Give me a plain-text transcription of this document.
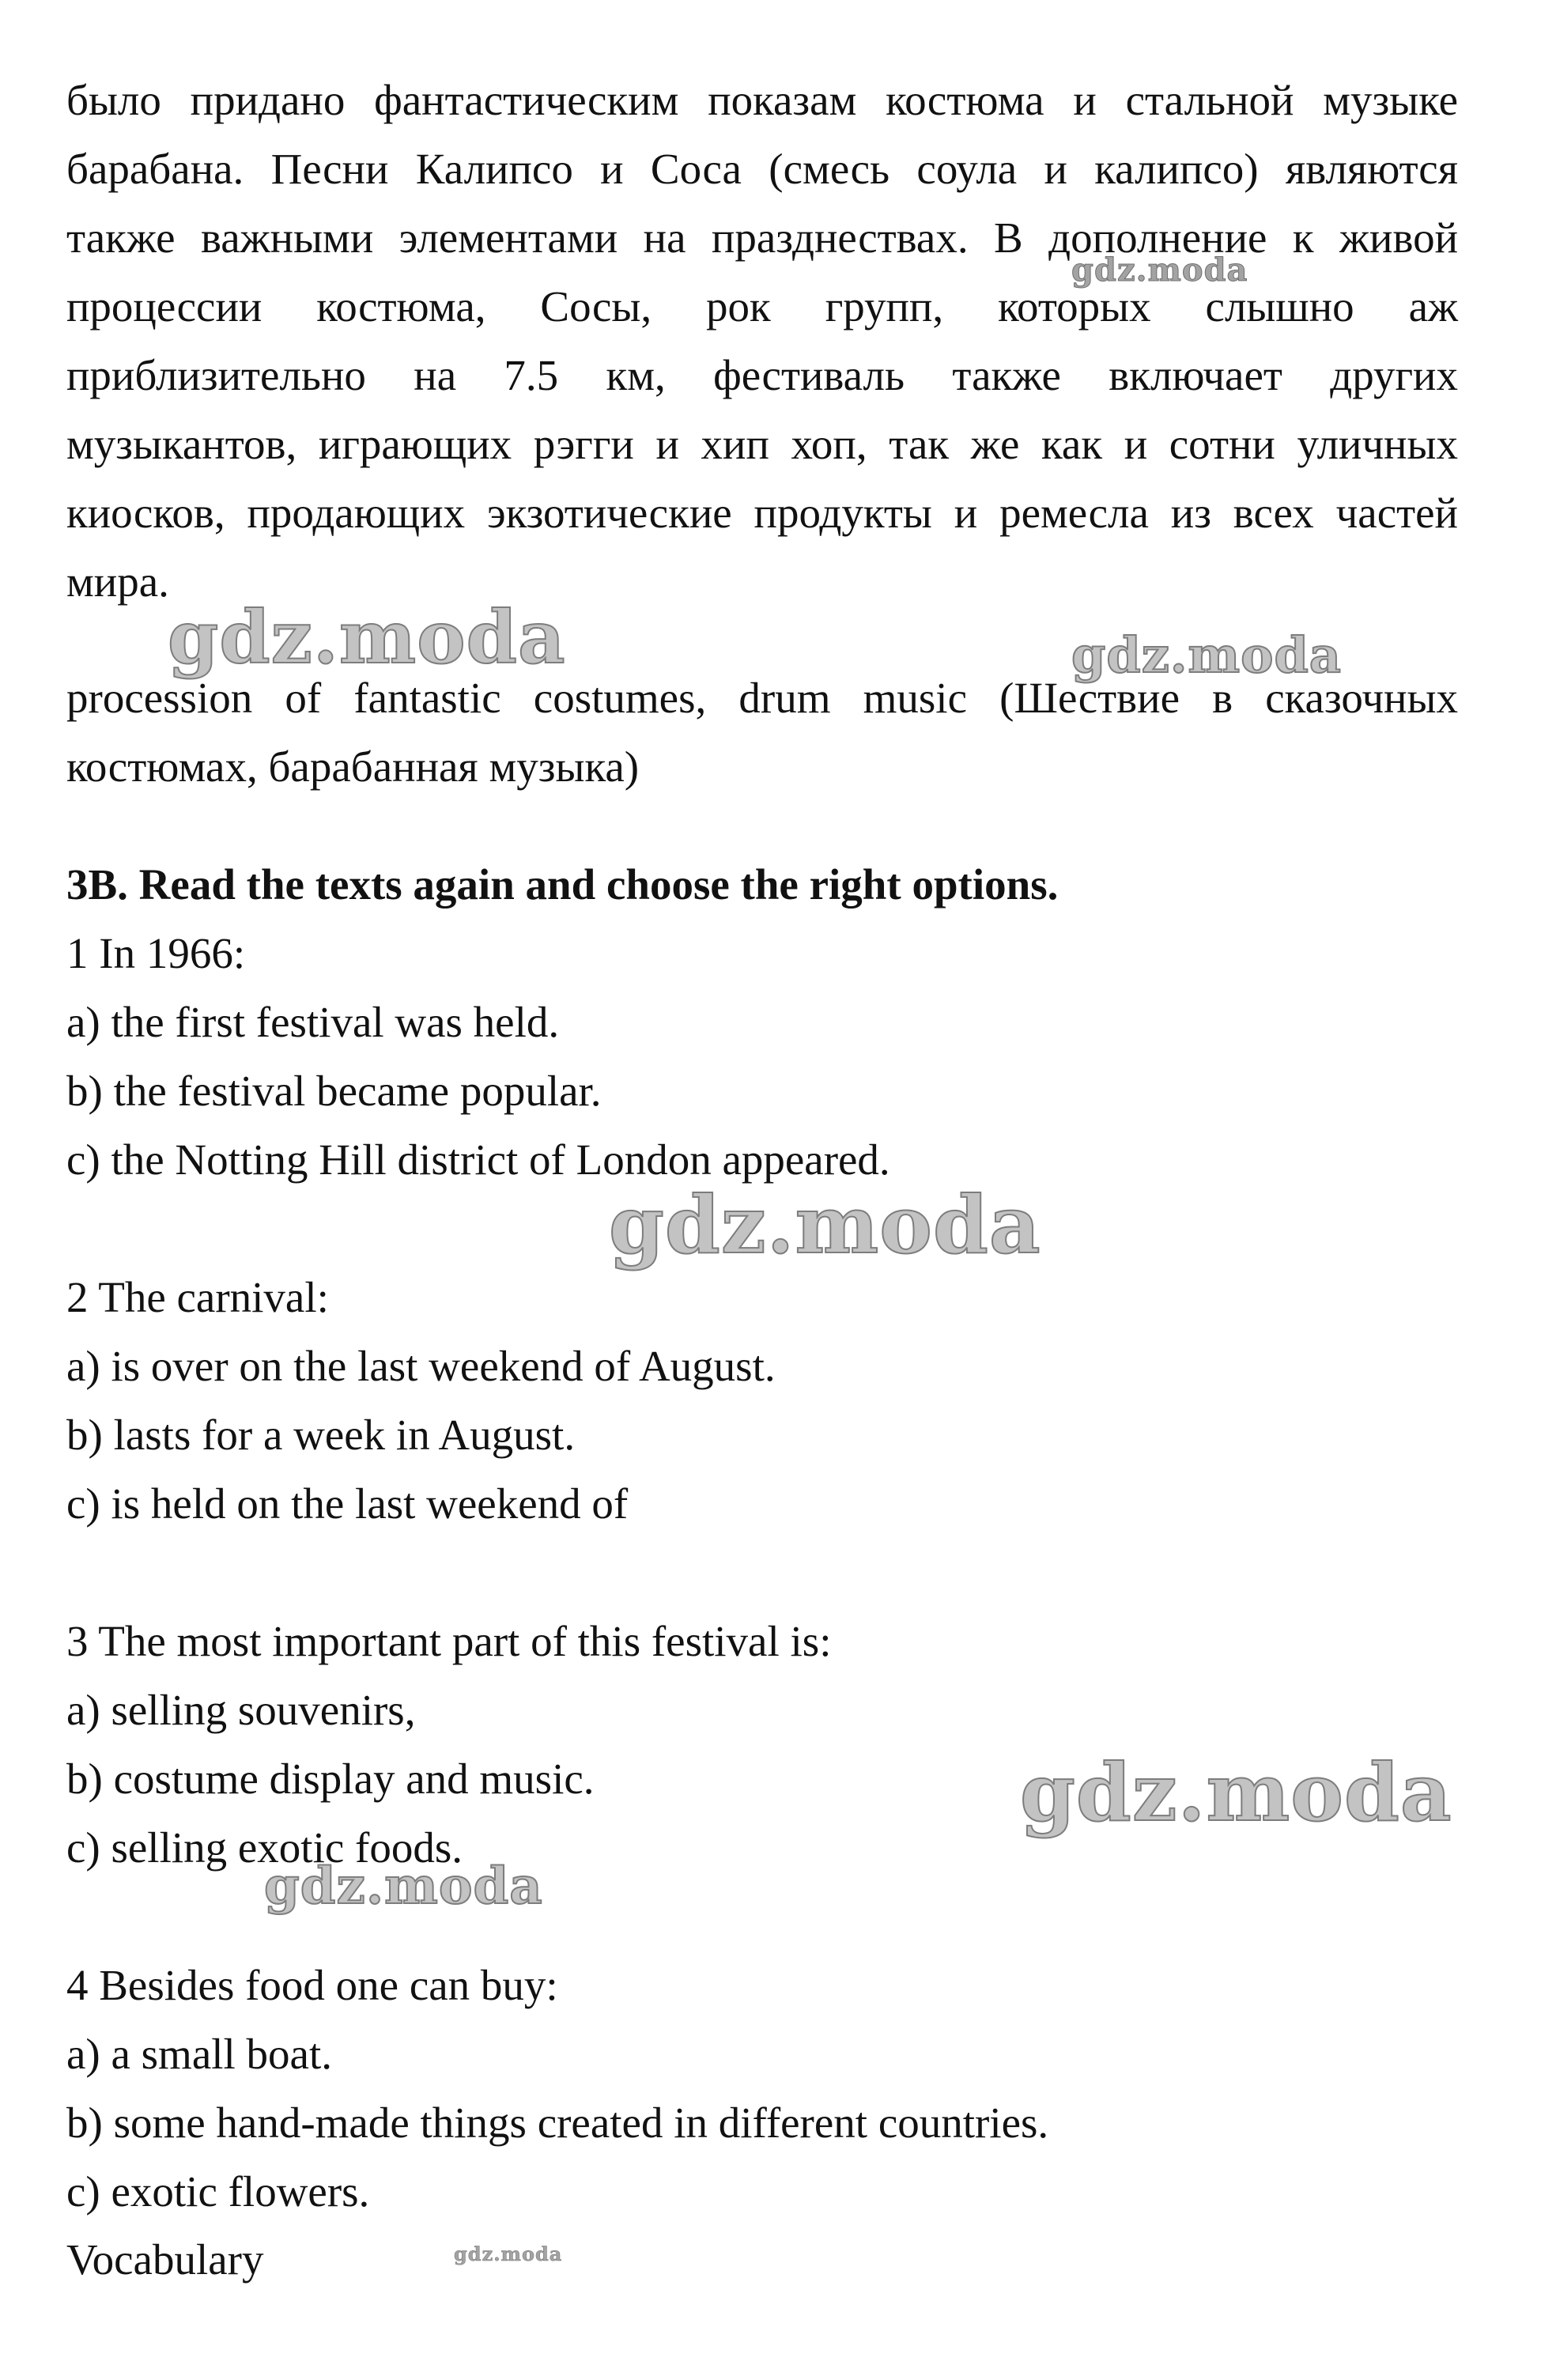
было придано фантастическим показам костюма и стальной музыке
барабана. Песни Калипсо и Соса (смесь соула и калипсо) являются
также важными элементами на празднествах. В дополнение к живой
процессии костюма, Сосы, рок групп, которых слышно аж
приблизительно на 7.5 км, фестиваль также включает других
музыкантов, играющих рэгги и хип хоп, так же как и сотни уличных
киосков, продающих экзотические продукты и ремесла из всех частей
мира.
procession of fantastic costumes, drum music (Шествие в сказочных
костюмах, барабанная музыка)
3B. Read the texts again and choose the right options.
1 In 1966:
a) the first festival was held.
b) the festival became popular.
c) the Notting Hill district of London appeared.
2 The carnival:
a) is over on the last weekend of August.
b) lasts for a week in August.
c) is held on the last weekend of
3 The most important part of this festival is:
a) selling souvenirs,
b) costume display and music.
c) selling exotic foods.
4 Besides food one can buy:
a) a small boat.
b) some hand-made things created in different countries.
c) exotic flowers.
Vocabulary
gdz.moda
gdz.moda	gdz.moda
gdz.moda
gdz.moda
gdz.moda
gdz.moda
